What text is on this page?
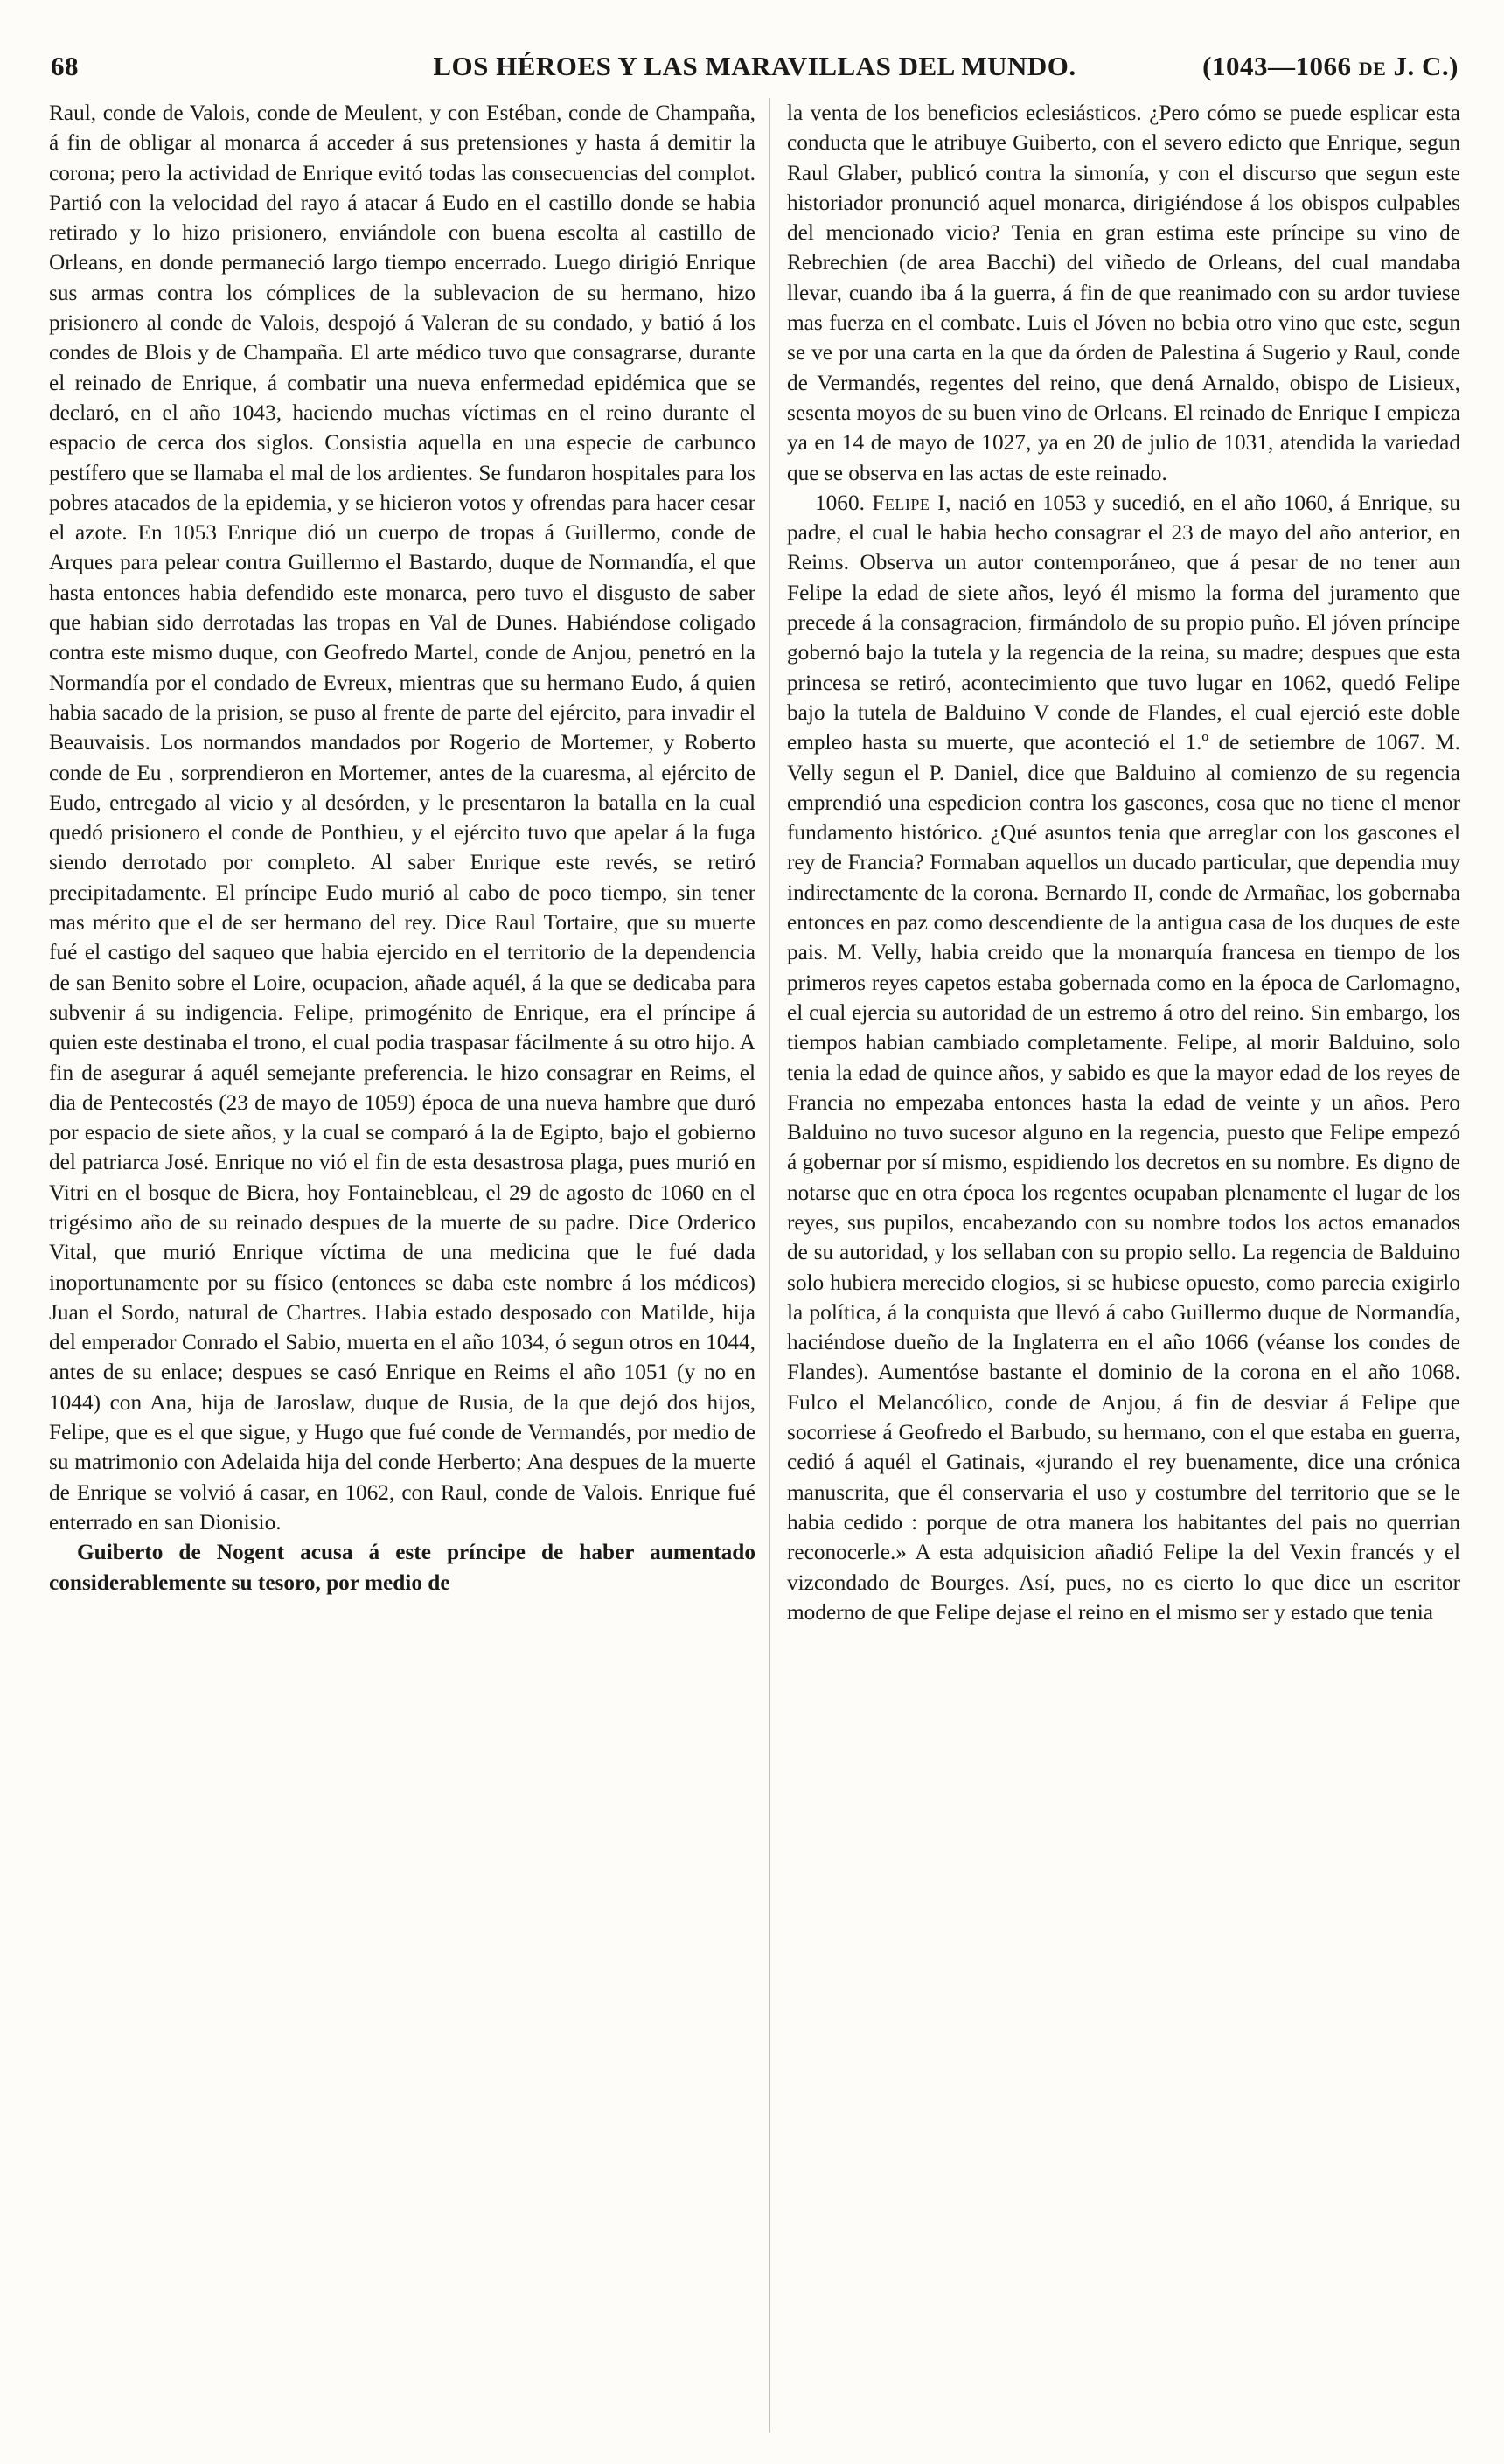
68	LOS HÉROES Y LAS MARAVILLAS DEL MUNDO.	(1043—1066 DE J. C.)

Raul, conde de Valois, conde de Meulent, y con Estéban, conde de Champaña, á fin de obligar al monarca á acceder á sus pretensiones y hasta á demitir la corona; pero la actividad de Enrique evitó todas las consecuencias del complot. Partió con la velocidad del rayo á atacar á Eudo en el castillo donde se habia retirado y lo hizo prisionero, enviándole con buena escolta al castillo de Orleans, en donde permaneció largo tiempo encerrado. Luego dirigió Enrique sus armas contra los cómplices de la sublevacion de su hermano, hizo prisionero al conde de Valois, despojó á Valeran de su condado, y batió á los condes de Blois y de Champaña. El arte médico tuvo que consagrarse, durante el reinado de Enrique, á combatir una nueva enfermedad epidémica que se declaró, en el año 1043, haciendo muchas víctimas en el reino durante el espacio de cerca dos siglos. Consistia aquella en una especie de carbunco pestífero que se llamaba el mal de los ardientes. Se fundaron hospitales para los pobres atacados de la epidemia, y se hicieron votos y ofrendas para hacer cesar el azote. En 1053 Enrique dió un cuerpo de tropas á Guillermo, conde de Arques para pelear contra Guillermo el Bastardo, duque de Normandía, el que hasta entonces habia defendido este monarca, pero tuvo el disgusto de saber que habian sido derrotadas las tropas en Val de Dunes. Habiéndose coligado contra este mismo duque, con Geofredo Martel, conde de Anjou, penetró en la Normandía por el condado de Evreux, mientras que su hermano Eudo, á quien habia sacado de la prision, se puso al frente de parte del ejército, para invadir el Beauvaisis. Los normandos mandados por Rogerio de Mortemer, y Roberto conde de Eu , sorprendieron en Mortemer, antes de la cuaresma, al ejército de Eudo, entregado al vicio y al desórden, y le presentaron la batalla en la cual quedó prisionero el conde de Ponthieu, y el ejército tuvo que apelar á la fuga siendo derrotado por completo. Al saber Enrique este revés, se retiró precipitadamente. El príncipe Eudo murió al cabo de poco tiempo, sin tener mas mérito que el de ser hermano del rey. Dice Raul Tortaire, que su muerte fué el castigo del saqueo que habia ejercido en el territorio de la dependencia de san Benito sobre el Loire, ocupacion, añade aquél, á la que se dedicaba para subvenir á su indigencia. Felipe, primogénito de Enrique, era el príncipe á quien este destinaba el trono, el cual podia traspasar fácilmente á su otro hijo. A fin de asegurar á aquél semejante preferencia. le hizo consagrar en Reims, el dia de Pentecostés (23 de mayo de 1059) época de una nueva hambre que duró por espacio de siete años, y la cual se comparó á la de Egipto, bajo el gobierno del patriarca José. Enrique no vió el fin de esta desastrosa plaga, pues murió en Vitri en el bosque de Biera, hoy Fontainebleau, el 29 de agosto de 1060 en el trigésimo año de su reinado despues de la muerte de su padre. Dice Orderico Vital, que murió Enrique víctima de una medicina que le fué dada inoportunamente por su físico (entonces se daba este nombre á los médicos) Juan el Sordo, natural de Chartres. Habia estado desposado con Matilde, hija del emperador Conrado el Sabio, muerta en el año 1034, ó segun otros en 1044, antes de su enlace; despues se casó Enrique en Reims el año 1051 (y no en 1044) con Ana, hija de Jaroslaw, duque de Rusia, de la que dejó dos hijos, Felipe, que es el que sigue, y Hugo que fué conde de Vermandés, por medio de su matrimonio con Adelaida hija del conde Herberto; Ana despues de la muerte de Enrique se volvió á casar, en 1062, con Raul, conde de Valois. Enrique fué enterrado en san Dionisio.

Guiberto de Nogent acusa á este príncipe de haber aumentado considerablemente su tesoro, por medio de

la venta de los beneficios eclesiásticos. ¿Pero cómo se puede esplicar esta conducta que le atribuye Guiberto, con el severo edicto que Enrique, segun Raul Glaber, publicó contra la simonía, y con el discurso que segun este historiador pronunció aquel monarca, dirigiéndose á los obispos culpables del mencionado vicio? Tenia en gran estima este príncipe su vino de Rebrechien (de area Bacchi) del viñedo de Orleans, del cual mandaba llevar, cuando iba á la guerra, á fin de que reanimado con su ardor tuviese mas fuerza en el combate. Luis el Jóven no bebia otro vino que este, segun se ve por una carta en la que da órden de Palestina á Sugerio y Raul, conde de Vermandés, regentes del reino, que dená Arnaldo, obispo de Lisieux, sesenta moyos de su buen vino de Orleans. El reinado de Enrique I empieza ya en 14 de mayo de 1027, ya en 20 de julio de 1031, atendida la variedad que se observa en las actas de este reinado.

1060. Felipe I, nació en 1053 y sucedió, en el año 1060, á Enrique, su padre, el cual le habia hecho consagrar el 23 de mayo del año anterior, en Reims. Observa un autor contemporáneo, que á pesar de no tener aun Felipe la edad de siete años, leyó él mismo la forma del juramento que precede á la consagracion, firmándolo de su propio puño. El jóven príncipe gobernó bajo la tutela y la regencia de la reina, su madre; despues que esta princesa se retiró, acontecimiento que tuvo lugar en 1062, quedó Felipe bajo la tutela de Balduino V conde de Flandes, el cual ejerció este doble empleo hasta su muerte, que aconteció el 1.º de setiembre de 1067. M. Velly segun el P. Daniel, dice que Balduino al comienzo de su regencia emprendió una espedicion contra los gascones, cosa que no tiene el menor fundamento histórico. ¿Qué asuntos tenia que arreglar con los gascones el rey de Francia? Formaban aquellos un ducado particular, que dependia muy indirectamente de la corona. Bernardo II, conde de Armañac, los gobernaba entonces en paz como descendiente de la antigua casa de los duques de este pais. M. Velly, habia creido que la monarquía francesa en tiempo de los primeros reyes capetos estaba gobernada como en la época de Carlomagno, el cual ejercia su autoridad de un estremo á otro del reino. Sin embargo, los tiempos habian cambiado completamente. Felipe, al morir Balduino, solo tenia la edad de quince años, y sabido es que la mayor edad de los reyes de Francia no empezaba entonces hasta la edad de veinte y un años. Pero Balduino no tuvo sucesor alguno en la regencia, puesto que Felipe empezó á gobernar por sí mismo, espidiendo los decretos en su nombre. Es digno de notarse que en otra época los regentes ocupaban plenamente el lugar de los reyes, sus pupilos, encabezando con su nombre todos los actos emanados de su autoridad, y los sellaban con su propio sello. La regencia de Balduino solo hubiera merecido elogios, si se hubiese opuesto, como parecia exigirlo la política, á la conquista que llevó á cabo Guillermo duque de Normandía, haciéndose dueño de la Inglaterra en el año 1066 (véanse los condes de Flandes). Aumentóse bastante el dominio de la corona en el año 1068. Fulco el Melancólico, conde de Anjou, á fin de desviar á Felipe que socorriese á Geofredo el Barbudo, su hermano, con el que estaba en guerra, cedió á aquél el Gatinais, «jurando el rey buenamente, dice una crónica manuscrita, que él conservaria el uso y costumbre del territorio que se le habia cedido : porque de otra manera los habitantes del pais no querrian reconocerle.» A esta adquisicion añadió Felipe la del Vexin francés y el vizcondado de Bourges. Así, pues, no es cierto lo que dice un escritor moderno de que Felipe dejase el reino en el mismo ser y estado que tenia
